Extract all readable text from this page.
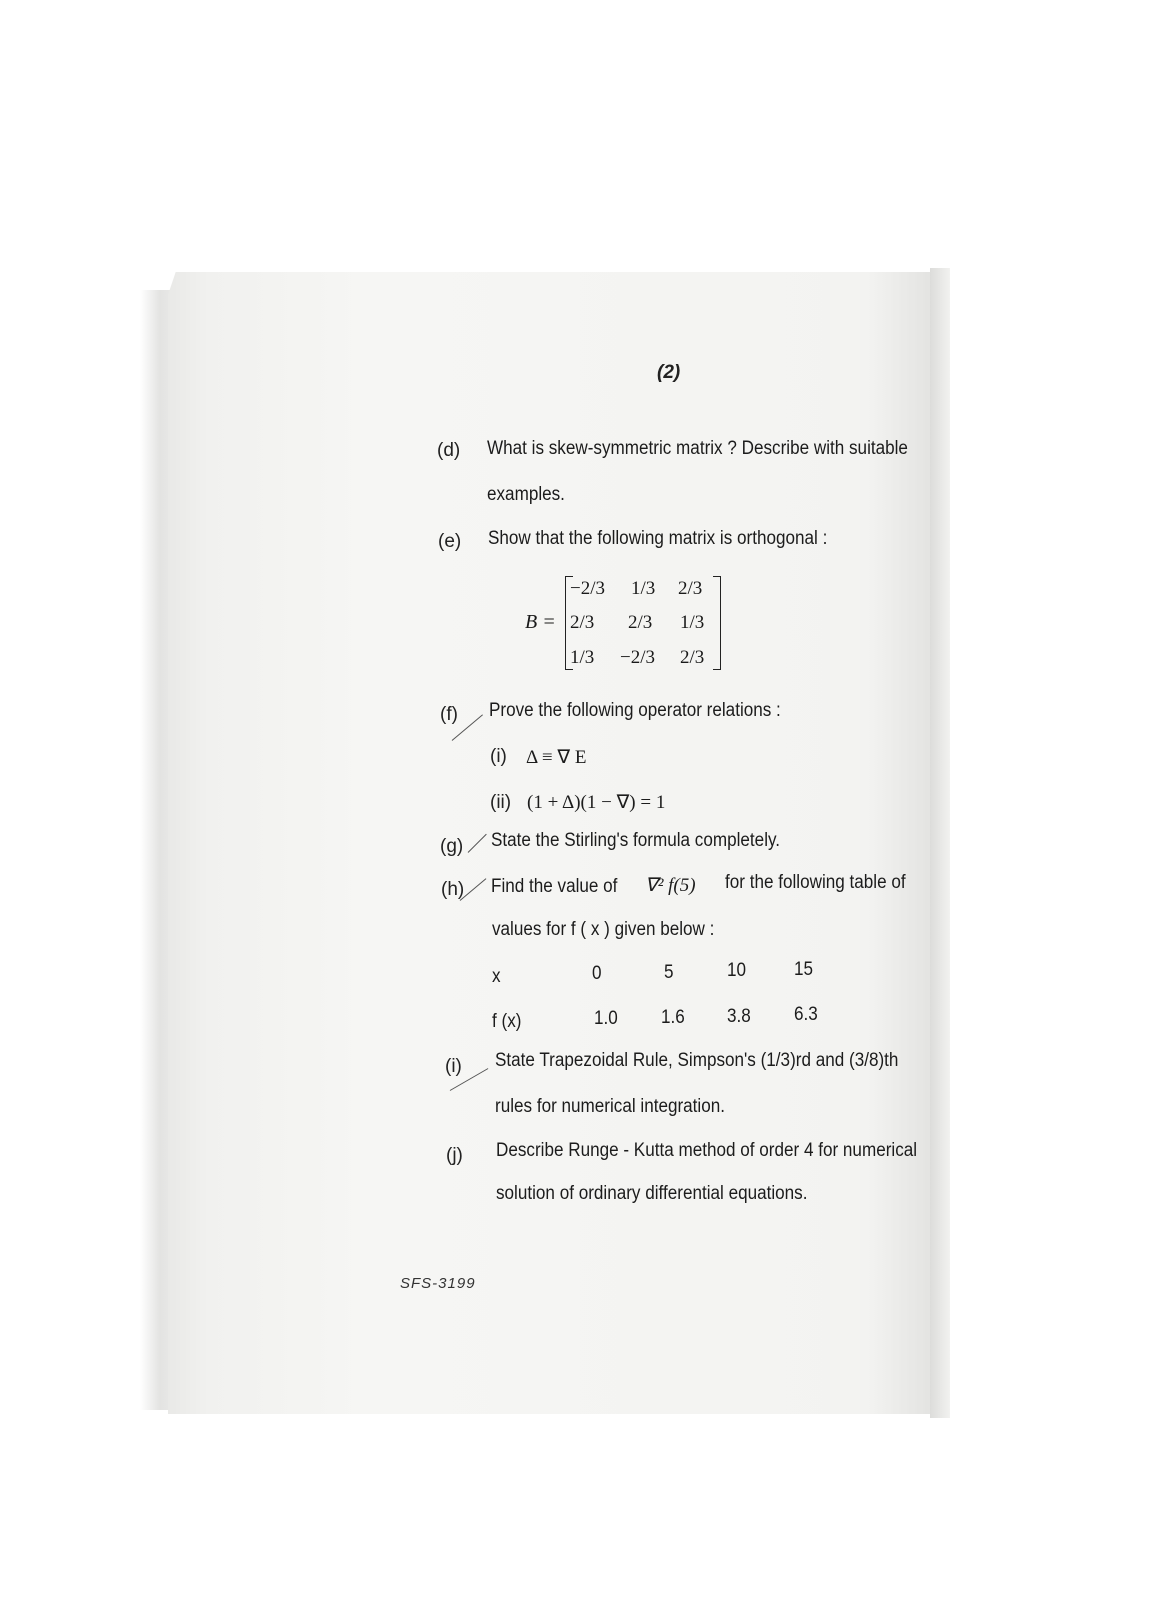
(2)
(d) What is skew-symmetric matrix ? Describe with suitable
examples.
(e) Show that the following matrix is orthogonal :
B =
−2/3 1/3 2/3
2/3 2/3 1/3
1/3 −2/3 2/3
(f) Prove the following operator relations :
(i) Δ ≡ ∇ E
(ii) (1 + Δ)(1 − ∇) = 1
(g) State the Stirling's formula completely.
(h) Find the value of ∇² f(5) for the following table of
values for f ( x ) given below :
x	0	5	10	15
f (x)	1.0 1.6 3.8 6.3
(i) State Trapezoidal Rule, Simpson's (1/3)rd and (3/8)th
rules for numerical integration.
(j) Describe Runge - Kutta method of order 4 for numerical
solution of ordinary differential equations.
SFS-3199
